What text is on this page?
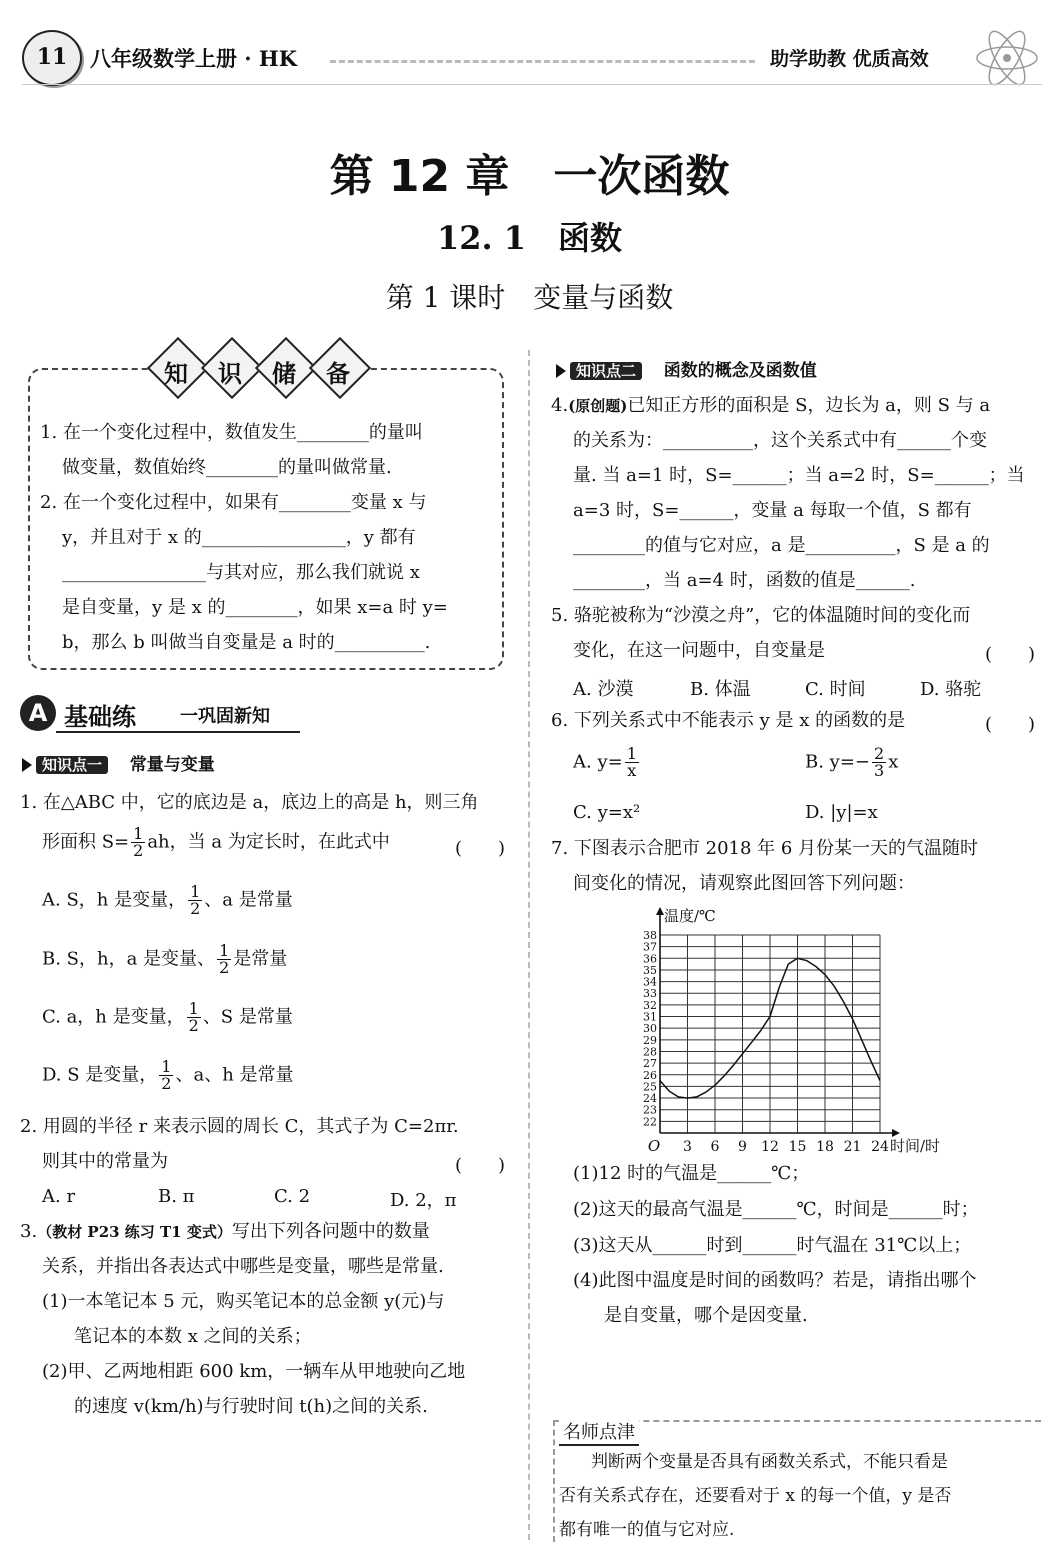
11	八年级数学上册 · HK	助学助教 优质高效
第 12 章　一次函数
12. 1　函数
第 1 课时　变量与函数
知 识 储 备
1. 在一个变化过程中，数值发生________的量叫
做变量，数值始终________的量叫做常量.
2. 在一个变化过程中，如果有________变量 x 与
y，并且对于 x 的________________，y 都有
________________与其对应，那么我们就说 x
是自变量，y 是 x 的________，如果 x=a 时 y=
b，那么 b 叫做当自变量是 a 时的__________.
A 基础练 一巩固新知
知识点一 常量与变量
1. 在△ABC 中，它的底边是 a，底边上的高是 h，则三角
形面积 $S= \frac{1}{2}$ ah，当 a 为定长时，在此式中	(　　)
A. S，h 是变量， $\frac{1}{2}$ 、a 是常量
B. S，h，a 是变量、 $\frac{1}{2}$ 是常量
C. a，h 是变量， $\frac{1}{2}$ 、S 是常量
D. S 是变量， $\frac{1}{2}$ 、a、h 是常量
2. 用圆的半径 r 来表示圆的周长 C，其式子为 C=2πr.
则其中的常量为	(　　)
A. r	B. π	C. 2	D. 2，π
3.（教材 P23 练习 T1 变式）写出下列各问题中的数量
关系，并指出各表达式中哪些是变量，哪些是常量.
(1)一本笔记本 5 元，购买笔记本的总金额 y(元)与
笔记本的本数 x 之间的关系；
(2)甲、乙两地相距 600 km，一辆车从甲地驶向乙地
的速度 v(km/h)与行驶时间 t(h)之间的关系.
知识点二 函数的概念及函数值
4.(原创题)已知正方形的面积是 S，边长为 a，则 S 与 a
的关系为：__________，这个关系式中有______个变
量. 当 a=1 时，S=______；当 a=2 时，S=______；当
a=3 时，S=______，变量 a 每取一个值，S 都有
________的值与它对应，a 是__________，S 是 a 的
________，当 a=4 时，函数的值是______.
5. 骆驼被称为“沙漠之舟”，它的体温随时间的变化而
变化，在这一问题中，自变量是	(　　)
A. 沙漠	B. 体温	C. 时间	D. 骆驼
6. 下列关系式中不能表示 y 是 x 的函数的是	(　　)
A. $y= \frac{1}{x}$	B. $y=- \frac{2}{3}$ x
C. y=x²	D. |y|=x
7. 下图表示合肥市 2018 年 6 月份某一天的气温随时
间变化的情况，请观察此图回答下列问题：
22
23
24
25
26
27
28
29
30
31
32
33
34
35
36
37
38
3 6 9 12 15 18 21 24
O
温度/℃
时间/时
(1)12 时的气温是______℃；
(2)这天的最高气温是______℃，时间是______时；
(3)这天从______时到______时气温在 31℃以上；
(4)此图中温度是时间的函数吗？若是，请指出哪个
是自变量，哪个是因变量.
名师点津
判断两个变量是否具有函数关系式，不能只看是
否有关系式存在，还要看对于 x 的每一个值，y 是否
都有唯一的值与它对应.
